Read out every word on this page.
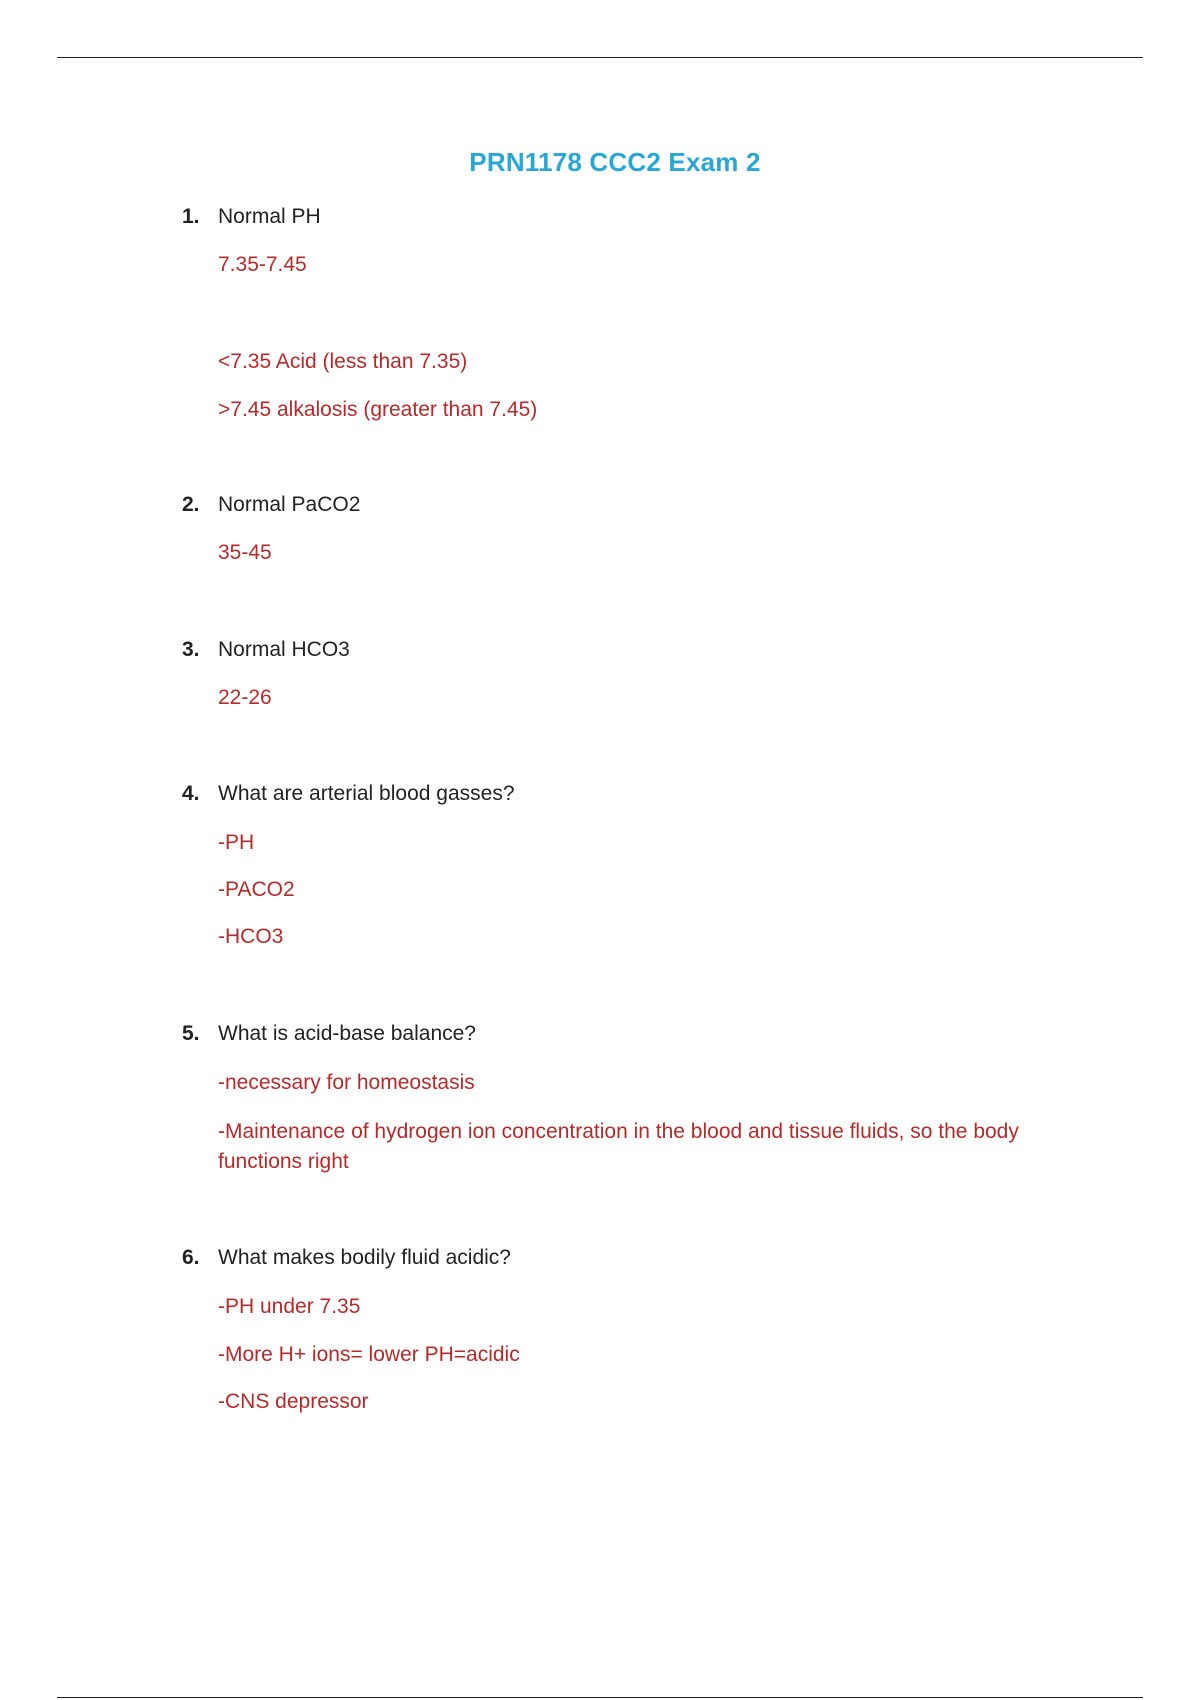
PRN1178 CCC2 Exam 2
1. Normal PH
7.35-7.45
<7.35 Acid (less than 7.35)
>7.45 alkalosis (greater than 7.45)
2. Normal PaCO2
35-45
3. Normal HCO3
22-26
4. What are arterial blood gasses?
-PH
-PACO2
-HCO3
5. What is acid-base balance?
-necessary for homeostasis
-Maintenance of hydrogen ion concentration in the blood and tissue fluids, so the body functions right
6. What makes bodily fluid acidic?
-PH under 7.35
-More H+ ions= lower PH=acidic
-CNS depressor
